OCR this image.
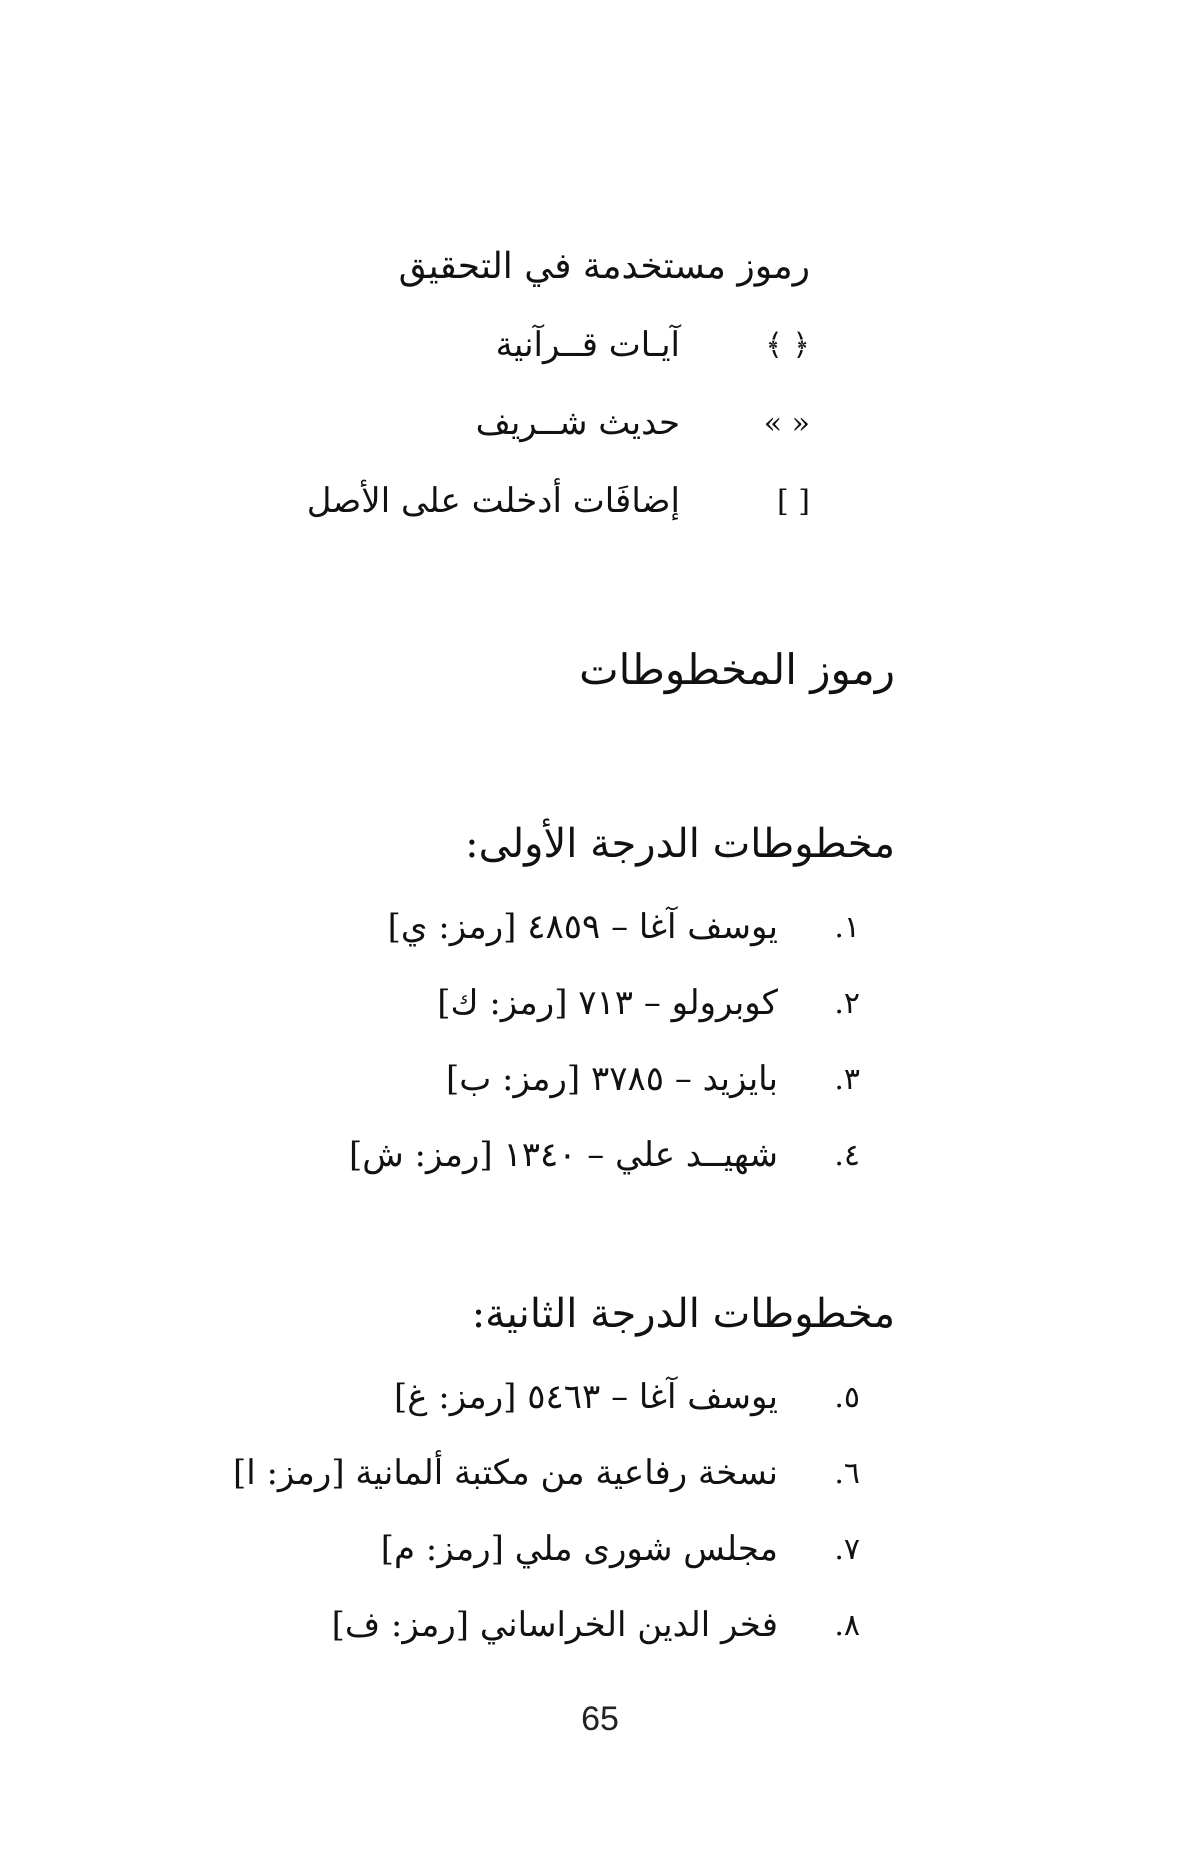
رموز مستخدمة في التحقيق
﴿ ﴾
آيـات قــرآنية
« »
حديث شــريف
[ ]
إضافَات أدخلت على الأصل
رموز المخطوطات
مخطوطات الدرجة الأولى:
١.
يوسف آغا – ٤٨٥٩ [رمز: ي]
٢.
كوبرولو – ٧١٣ [رمز: ك]
٣.
بايزيد – ٣٧٨٥ [رمز: ب]
٤.
شهيــد علي – ١٣٤٠ [رمز: ش]
مخطوطات الدرجة الثانية:
٥.
يوسف آغا – ٥٤٦٣ [رمز: غ]
٦.
نسخة رفاعية من مكتبة ألمانية [رمز: ا]
٧.
مجلس شورى ملي [رمز: م]
٨.
فخر الدين الخراساني [رمز: ف]
65
